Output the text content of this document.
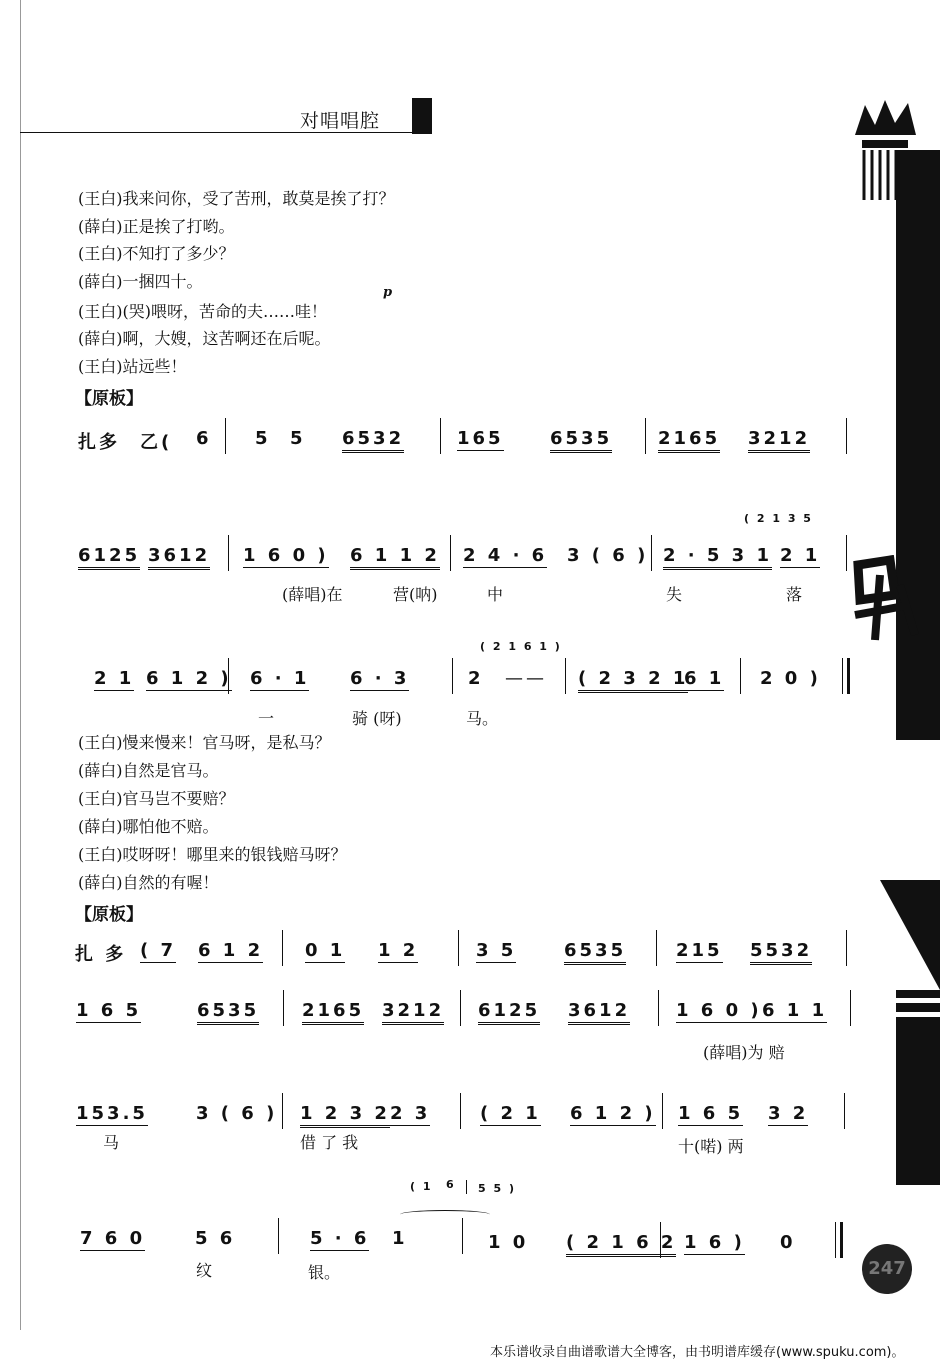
对唱唱腔
(王白)我来问你，受了苦刑，敢莫是挨了打？
(薛白)正是挨了打哟。
(王白)不知打了多少？
(薛白)一捆四十。
p
(王白)(哭)喂呀，苦命的夫……哇！
(薛白)啊，大嫂，这苦啊还在后呢。
(王白)站远些！
【原板】
扎多 乙( 6 5 5 6532	165	6535	2165 3212
( 2 1 3 5
6125 3612 1 6 0 ) 6 1 1 2 2 4 · 6 3 ( 6 ) 2 · 5 3 1 2 1
(薛唱)在	营(呐)	中	失	落
( 2 1 6 1 )
2 1 6 1 2 ) 6 · 1 6 · 3	2 —— ( 2 3 2 1
6 1 2 0 )
一	骑 (呀)	马。
(王白)慢来慢来！官马呀，是私马？
(薛白)自然是官马。
(王白)官马岂不要赔？
(薛白)哪怕他不赔。
(王白)哎呀呀！哪里来的银钱赔马呀？
(薛白)自然的有喔！
【原板】
扎 多 ( 7 6 1 2 0 1 1 2	3 5	6535	215 5532
1 6 5	6535 2165 3212 6125 3612	1 6 0 ) 6 1 1
(薛唱)为 赔
153.5	3 ( 6 ) 1 2 3 2 2 3	( 2 1 6 1 2 ) 1 6 5 3 2
马	借 了 我	十(喏) 两
( 1 6 5 5 )
7 6 0	5 6	5 · 6 1	1 0 ( 2 1 6 2 1 6 ) 0
纹	银。	247
本乐谱收录自曲谱歌谱大全博客，由书明谱库缓存(www.spuku.com)。
